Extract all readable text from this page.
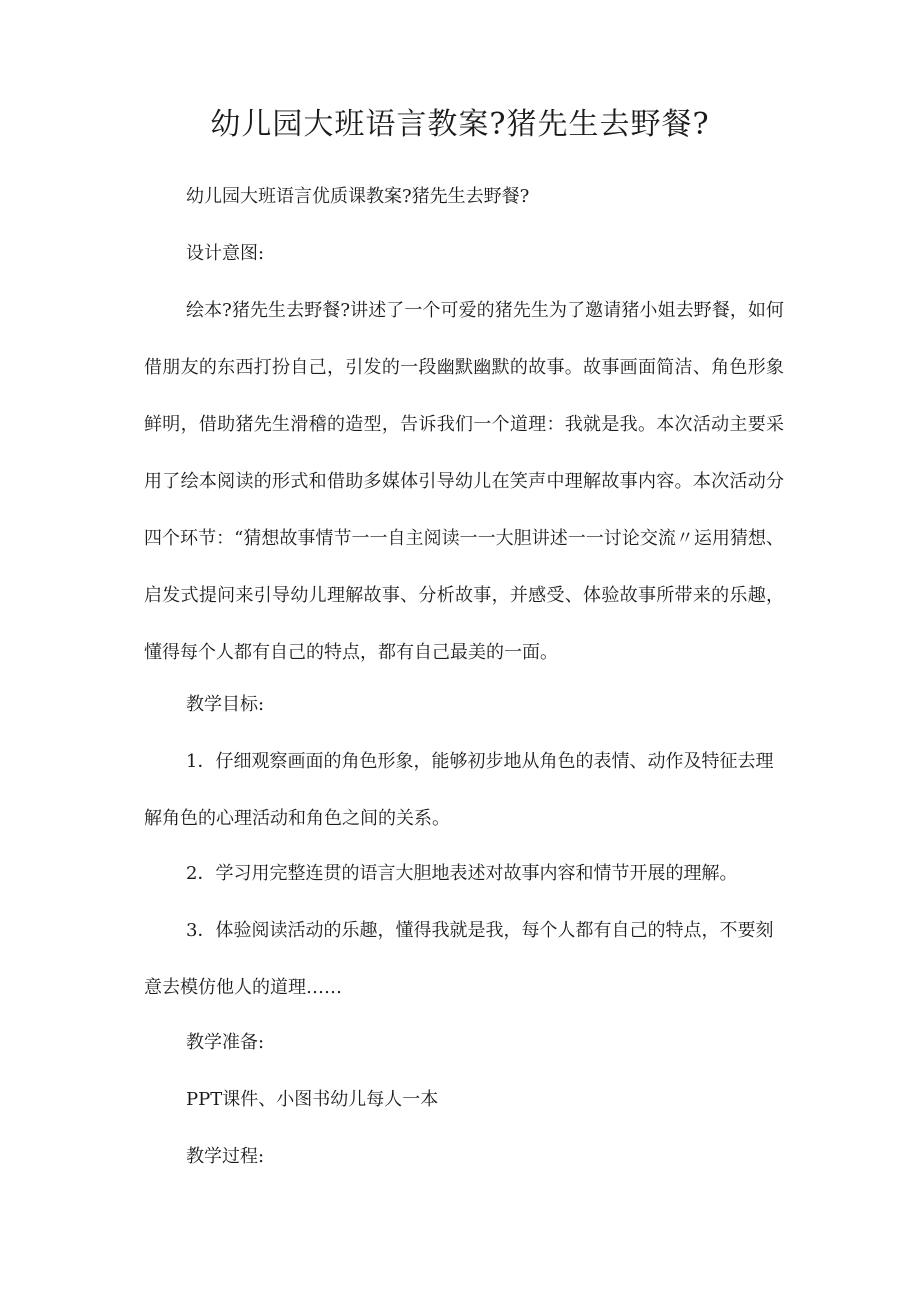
幼儿园大班语言教案?猪先生去野餐?

幼儿园大班语言优质课教案?猪先生去野餐?

设计意图:

绘本?猪先生去野餐?讲述了一个可爱的猪先生为了邀请猪小姐去野餐，如何借朋友的东西打扮自己，引发的一段幽默幽默的故事。故事画面简洁、角色形象鲜明，借助猪先生滑稽的造型，告诉我们一个道理：我就是我。本次活动主要采用了绘本阅读的形式和借助多媒体引导幼儿在笑声中理解故事内容。本次活动分四个环节：“猜想故事情节一一自主阅读一一大胆讲述一一讨论交流〃运用猜想、启发式提问来引导幼儿理解故事、分析故事，并感受、体验故事所带来的乐趣，懂得每个人都有自己的特点，都有自己最美的一面。

教学目标:

1．仔细观察画面的角色形象，能够初步地从角色的表情、动作及特征去理解角色的心理活动和角色之间的关系。

2．学习用完整连贯的语言大胆地表述对故事内容和情节开展的理解。

3．体验阅读活动的乐趣，懂得我就是我，每个人都有自己的特点，不要刻意去模仿他人的道理……

教学准备:

PPT课件、小图书幼儿每人一本

教学过程:
